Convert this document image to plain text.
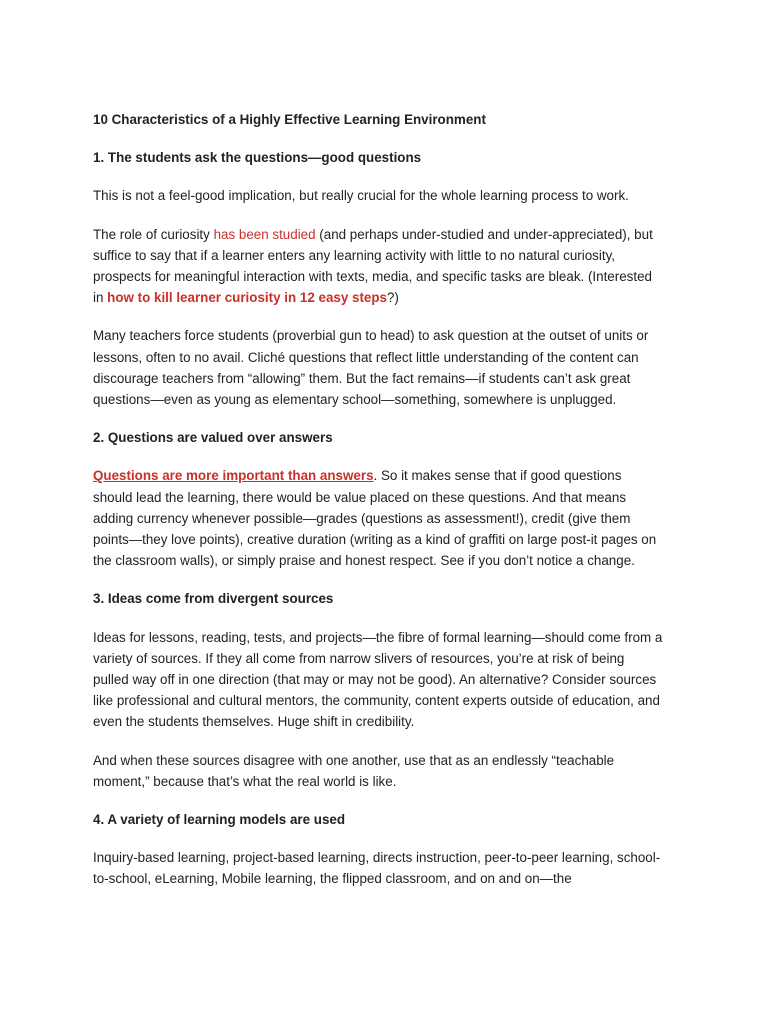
10 Characteristics of a Highly Effective Learning Environment

1. The students ask the questions—good questions

This is not a feel-good implication, but really crucial for the whole learning process to work.

The role of curiosity has been studied (and perhaps under-studied and under-appreciated), but suffice to say that if a learner enters any learning activity with little to no natural curiosity, prospects for meaningful interaction with texts, media, and specific tasks are bleak. (Interested in how to kill learner curiosity in 12 easy steps?)

Many teachers force students (proverbial gun to head) to ask question at the outset of units or lessons, often to no avail. Cliché questions that reflect little understanding of the content can discourage teachers from “allowing” them. But the fact remains—if students can’t ask great questions—even as young as elementary school—something, somewhere is unplugged.

2. Questions are valued over answers

Questions are more important than answers. So it makes sense that if good questions should lead the learning, there would be value placed on these questions. And that means adding currency whenever possible—grades (questions as assessment!), credit (give them points—they love points), creative duration (writing as a kind of graffiti on large post-it pages on the classroom walls), or simply praise and honest respect. See if you don’t notice a change.

3. Ideas come from divergent sources

Ideas for lessons, reading, tests, and projects—the fibre of formal learning—should come from a variety of sources. If they all come from narrow slivers of resources, you’re at risk of being pulled way off in one direction (that may or may not be good). An alternative? Consider sources like professional and cultural mentors, the community, content experts outside of education, and even the students themselves. Huge shift in credibility.

And when these sources disagree with one another, use that as an endlessly “teachable moment,” because that’s what the real world is like.

4. A variety of learning models are used

Inquiry-based learning, project-based learning, directs instruction, peer-to-peer learning, school-to-school, eLearning, Mobile learning, the flipped classroom, and on and on—the
